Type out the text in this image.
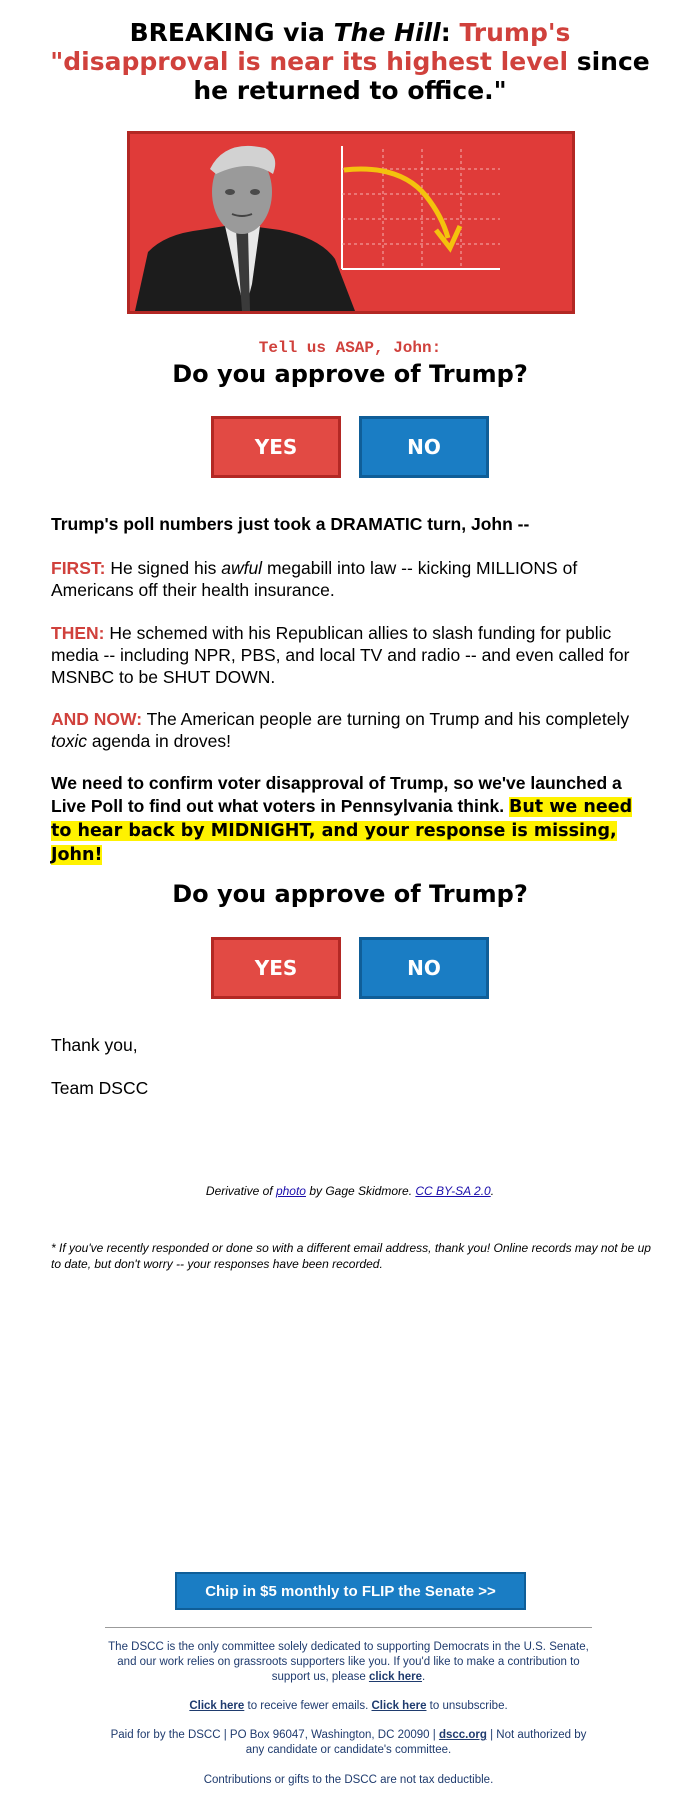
BREAKING via The Hill: Trump's "disapproval is near its highest level since he returned to office."
Tell us ASAP, John:
Do you approve of Trump?
YES	NO
Trump's poll numbers just took a DRAMATIC turn, John --
FIRST: He signed his awful megabill into law -- kicking MILLIONS of Americans off their health insurance.
THEN: He schemed with his Republican allies to slash funding for public media -- including NPR, PBS, and local TV and radio -- and even called for MSNBC to be SHUT DOWN.
AND NOW: The American people are turning on Trump and his completely toxic agenda in droves!
We need to confirm voter disapproval of Trump, so we've launched a Live Poll to find out what voters in Pennsylvania think. But we need to hear back by MIDNIGHT, and your response is missing, John!
Do you approve of Trump?
YES	NO
Thank you,
Team DSCC
Derivative of photo by Gage Skidmore. CC BY-SA 2.0.
* If you've recently responded or done so with a different email address, thank you! Online records may not be up to date, but don't worry -- your responses have been recorded.
Chip in $5 monthly to FLIP the Senate >>
The DSCC is the only committee solely dedicated to supporting Democrats in the U.S. Senate, and our work relies on grassroots supporters like you. If you'd like to make a contribution to support us, please click here.
Click here to receive fewer emails. Click here to unsubscribe.
Paid for by the DSCC | PO Box 96047, Washington, DC 20090 | dscc.org | Not authorized by any candidate or candidate's committee.
Contributions or gifts to the DSCC are not tax deductible.
